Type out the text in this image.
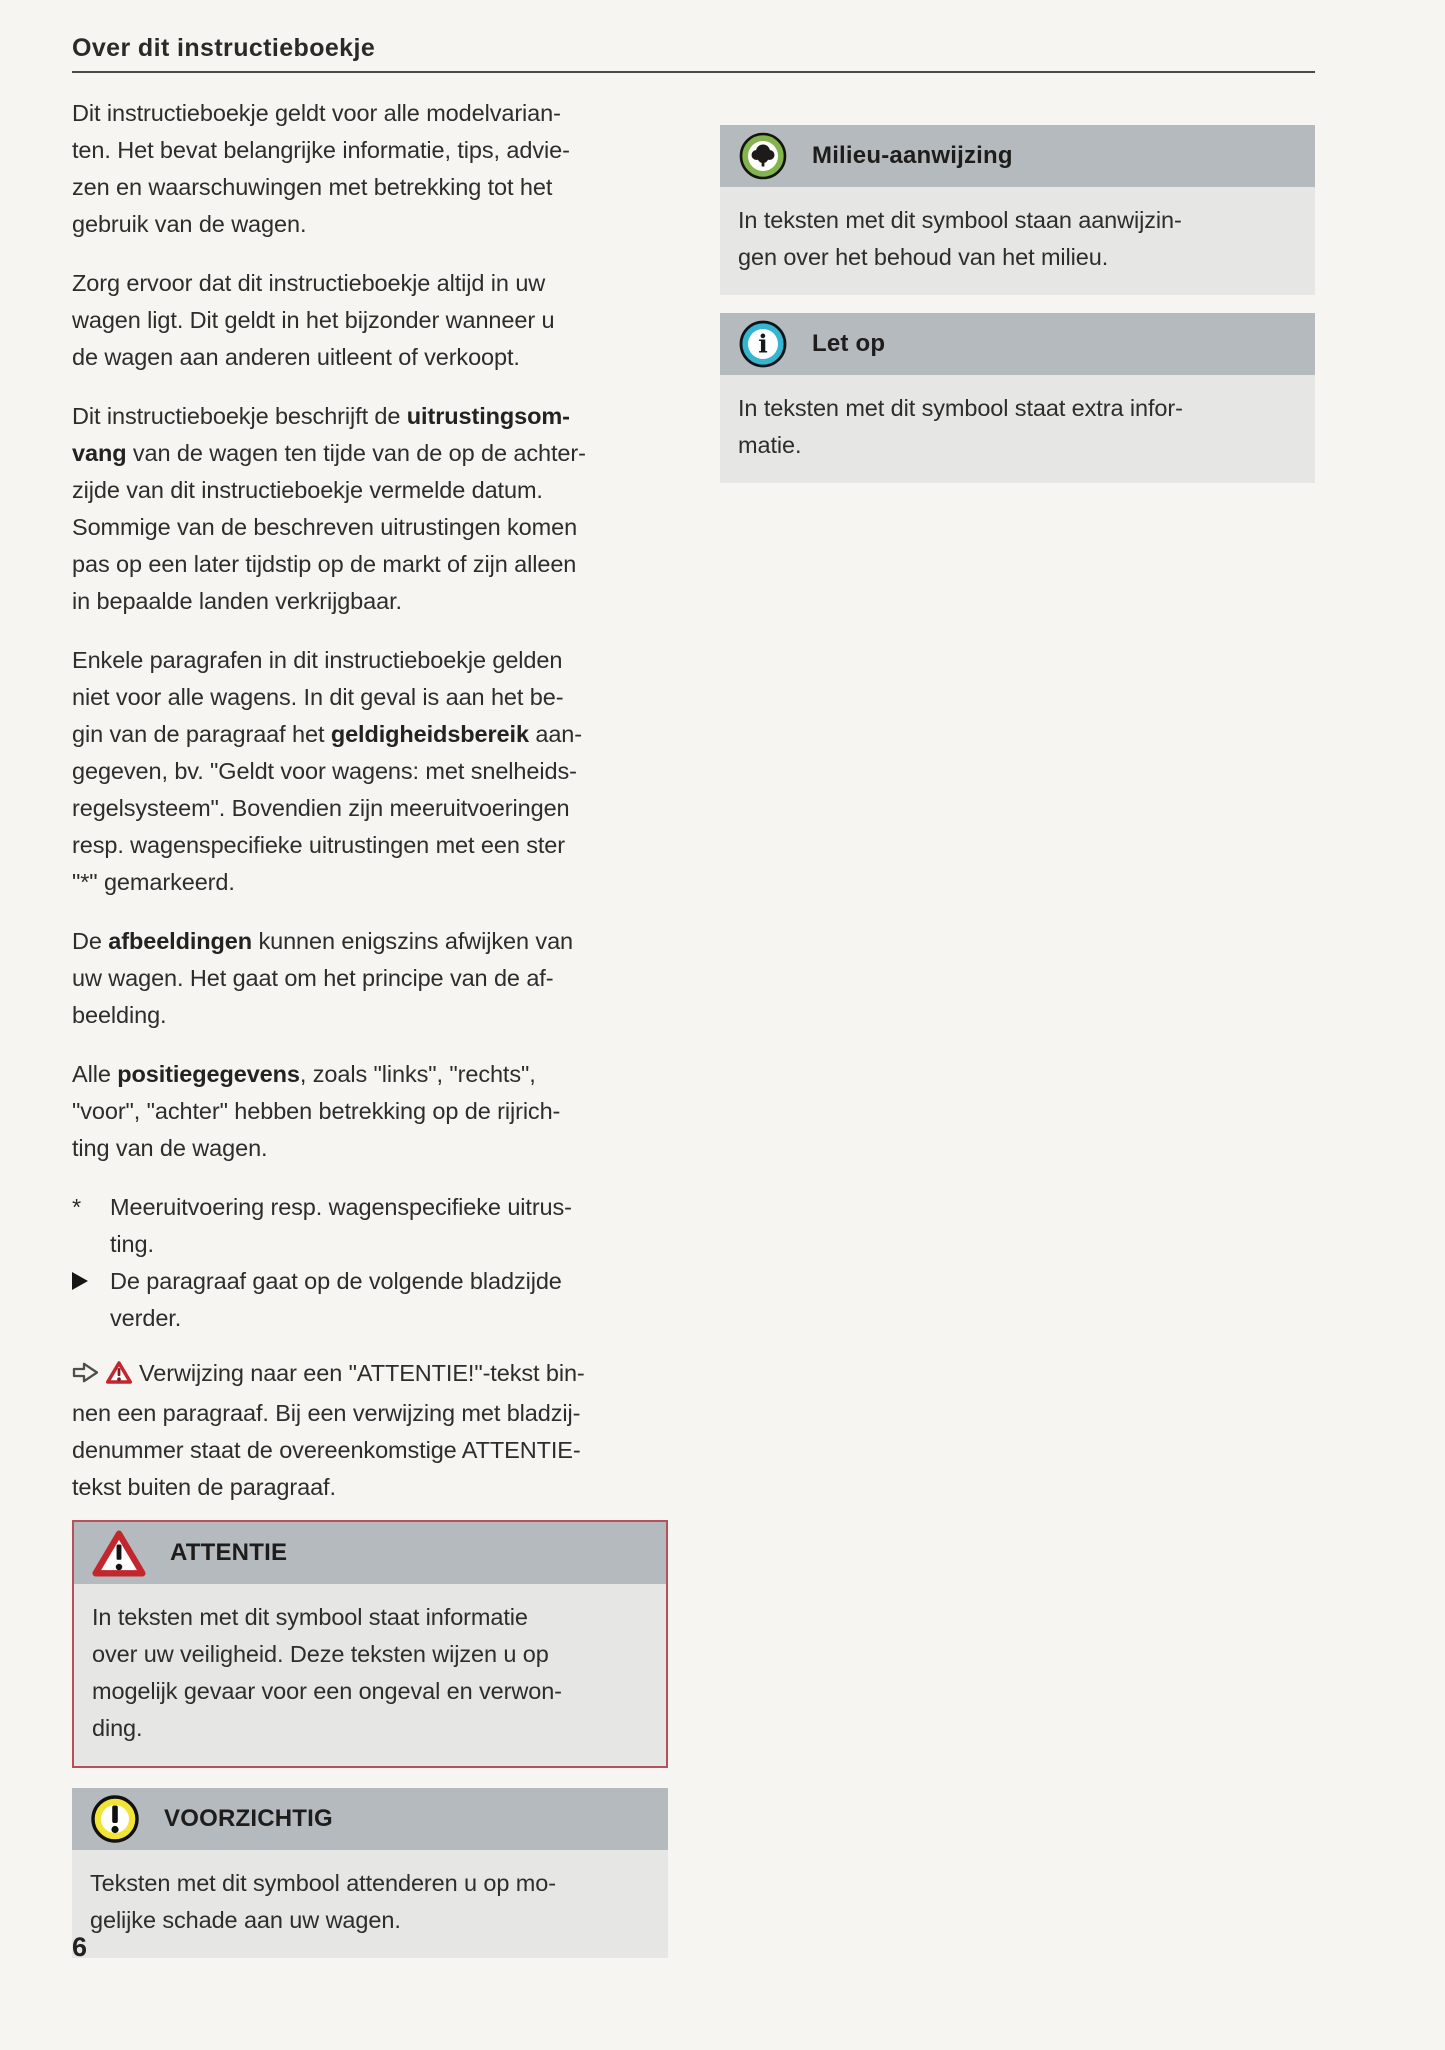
Over dit instructieboekje
Dit instructieboekje geldt voor alle modelvarian-
ten. Het bevat belangrijke informatie, tips, advie-
zen en waarschuwingen met betrekking tot het
gebruik van de wagen.
Zorg ervoor dat dit instructieboekje altijd in uw
wagen ligt. Dit geldt in het bijzonder wanneer u
de wagen aan anderen uitleent of verkoopt.
Dit instructieboekje beschrijft de uitrustingsom-
vang van de wagen ten tijde van de op de achter-
zijde van dit instructieboekje vermelde datum.
Sommige van de beschreven uitrustingen komen
pas op een later tijdstip op de markt of zijn alleen
in bepaalde landen verkrijgbaar.
Enkele paragrafen in dit instructieboekje gelden
niet voor alle wagens. In dit geval is aan het be-
gin van de paragraaf het geldigheidsbereik aan-
gegeven, bv. "Geldt voor wagens: met snelheids-
regelsysteem". Bovendien zijn meeruitvoeringen
resp. wagenspecifieke uitrustingen met een ster
"*" gemarkeerd.
De afbeeldingen kunnen enigszins afwijken van
uw wagen. Het gaat om het principe van de af-
beelding.
Alle positiegegevens, zoals "links", "rechts",
"voor", "achter" hebben betrekking op de rijrich-
ting van de wagen.
*	Meeruitvoering resp. wagenspecifieke uitrus-
ting.
De paragraaf gaat op de volgende bladzijde
verder.
Verwijzing naar een "ATTENTIE!"-tekst bin-
nen een paragraaf. Bij een verwijzing met bladzij-
denummer staat de overeenkomstige ATTENTIE-
tekst buiten de paragraaf.
ATTENTIE
In teksten met dit symbool staat informatie
over uw veiligheid. Deze teksten wijzen u op
mogelijk gevaar voor een ongeval en verwon-
ding.
VOORZICHTIG
Teksten met dit symbool attenderen u op mo-
gelijke schade aan uw wagen.
Milieu-aanwijzing
In teksten met dit symbool staan aanwijzin-
gen over het behoud van het milieu.
i Let op
In teksten met dit symbool staat extra infor-
matie.
6
